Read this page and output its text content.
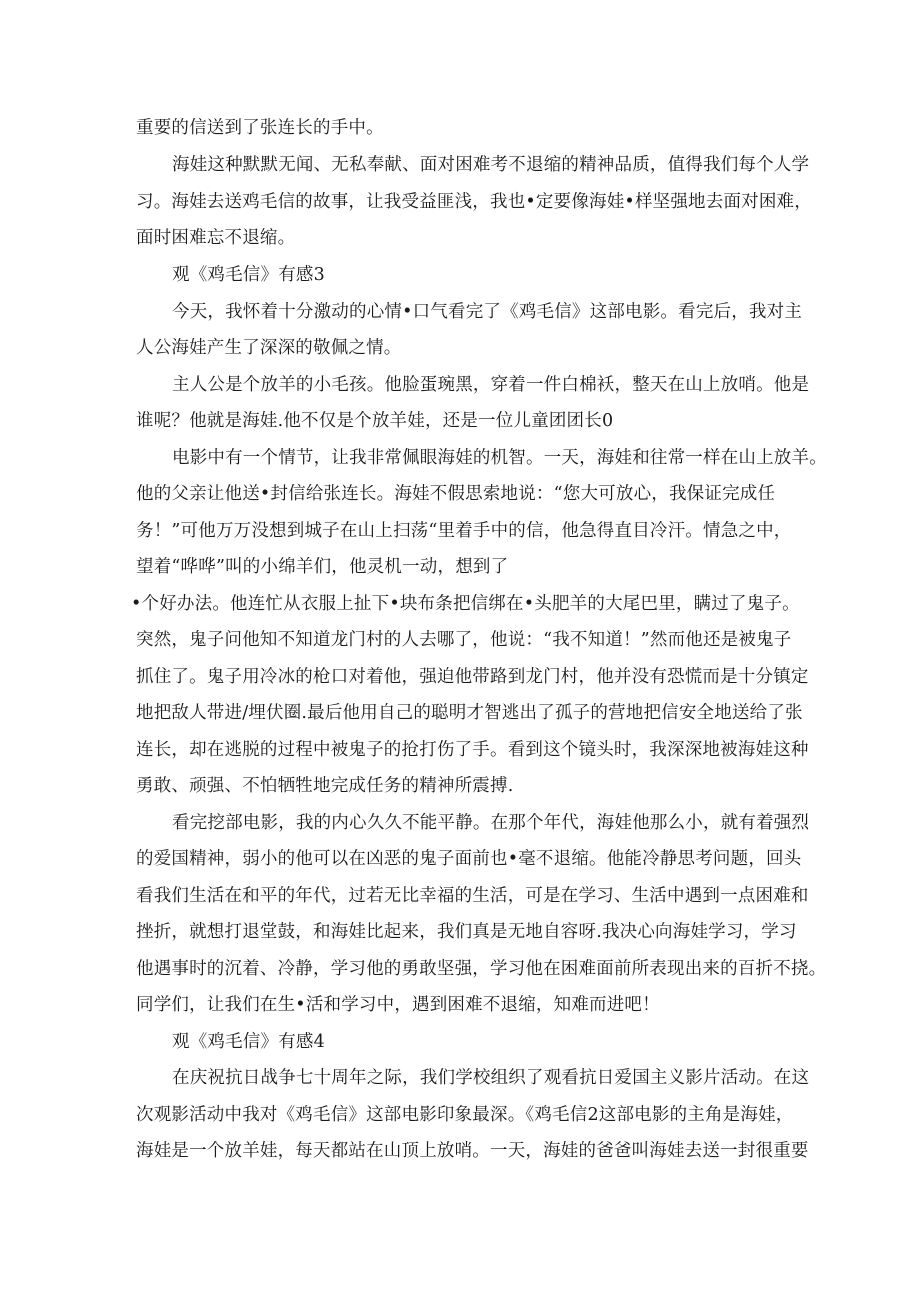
重要的信送到了张连长的手中。
海娃这种默默无闻、无私奉献、面对困难考不退缩的精神品质，值得我们每个人学
习。海娃去送鸡毛信的故事，让我受益匪浅，我也•定要像海娃•样坚强地去面对困难，
面时困难忘不退缩。
观《鸡毛信》有感3
今天，我怀着十分激动的心情•口气看完了《鸡毛信》这部电影。看完后，我对主
人公海娃产生了深深的敬佩之情。
主人公是个放羊的小毛孩。他脸蛋琬黑，穿着一件白棉袄，整天在山上放哨。他是
谁呢？他就是海娃.他不仅是个放羊娃，还是一位儿童团团长0
电影中有一个情节，让我非常佩眼海娃的机智。一天，海娃和往常一样在山上放羊。
他的父亲让他送•封信给张连长。海娃不假思索地说：“您大可放心，我保证完成任
务！”可他万万没想到城子在山上扫荡“里着手中的信，他急得直目冷汗。情急之中，
望着“哗哗”叫的小绵羊们，他灵机一动，想到了
•个好办法。他连忙从衣服上扯下•块布条把信绑在•头肥羊的大尾巴里，瞒过了鬼子。
突然，鬼子问他知不知道龙门村的人去哪了，他说：“我不知道！”然而他还是被鬼子
抓住了。鬼子用冷冰的枪口对着他，强迫他带路到龙门村，他并没有恐慌而是十分镇定
地把敌人带进/埋伏圈.最后他用自己的聪明才智逃出了孤子的营地把信安全地送给了张
连长，却在逃脱的过程中被鬼子的抢打伤了手。看到这个镜头时，我深深地被海娃这种
勇敢、顽强、不怕牺牲地完成任务的精神所震搏.
看完挖部电影，我的内心久久不能平静。在那个年代，海娃他那么小，就有着强烈
的爱国精神，弱小的他可以在凶恶的鬼子面前也•毫不退缩。他能冷静思考问题，回头
看我们生活在和平的年代，过若无比幸福的生活，可是在学习、生活中遇到一点困难和
挫折，就想打退堂鼓，和海娃比起来，我们真是无地自容呀.我决心向海娃学习，学习
他遇事时的沉着、冷静，学习他的勇敢坚强，学习他在困难面前所表现出来的百折不挠。
同学们，让我们在生•活和学习中，遇到困难不退缩，知难而进吧！
观《鸡毛信》有感4
在庆祝抗日战争七十周年之际，我们学校组织了观看抗日爱国主义影片活动。在这
次观影活动中我对《鸡毛信》这部电影印象最深。《鸡毛信2这部电影的主角是海娃，
海娃是一个放羊娃，每天都站在山顶上放哨。一天，海娃的爸爸叫海娃去送一封很重要
